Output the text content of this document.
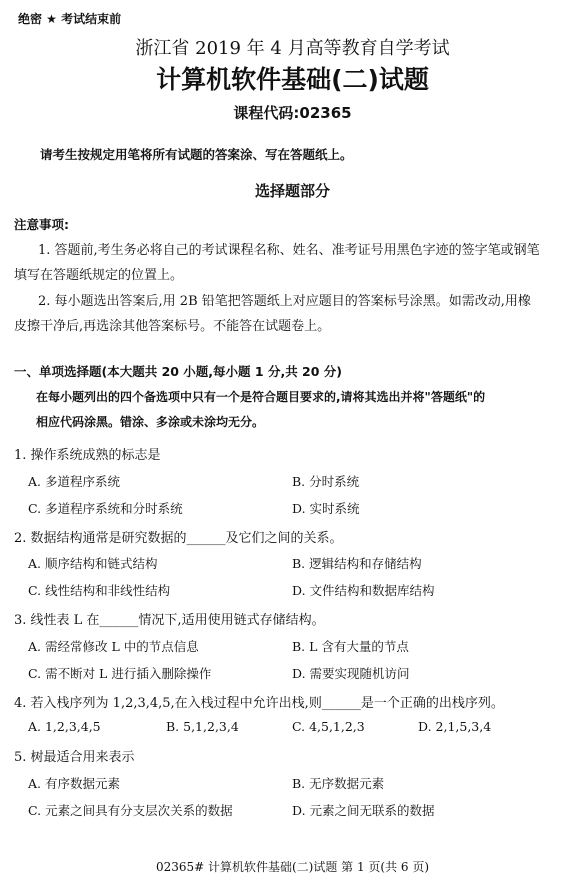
绝密 ★ 考试结束前
浙江省 2019 年 4 月高等教育自学考试
计算机软件基础(二)试题
课程代码:02365
请考生按规定用笔将所有试题的答案涂、写在答题纸上。
选择题部分
注意事项:
1. 答题前,考生务必将自己的考试课程名称、姓名、准考证号用黑色字迹的签字笔或钢笔
填写在答题纸规定的位置上。
2. 每小题选出答案后,用 2B 铅笔把答题纸上对应题目的答案标号涂黑。如需改动,用橡
皮擦干净后,再选涂其他答案标号。不能答在试题卷上。
一、单项选择题(本大题共 20 小题,每小题 1 分,共 20 分)
在每小题列出的四个备选项中只有一个是符合题目要求的,请将其选出并将"答题纸"的
相应代码涂黑。错涂、多涂或未涂均无分。
1. 操作系统成熟的标志是
A. 多道程序系统	B. 分时系统
C. 多道程序系统和分时系统	D. 实时系统
2. 数据结构通常是研究数据的______及它们之间的关系。
A. 顺序结构和链式结构	B. 逻辑结构和存储结构
C. 线性结构和非线性结构	D. 文件结构和数据库结构
3. 线性表 L 在______情况下,适用使用链式存储结构。
A. 需经常修改 L 中的节点信息	B. L 含有大量的节点
C. 需不断对 L 进行插入删除操作	D. 需要实现随机访问
4. 若入栈序列为 1,2,3,4,5,在入栈过程中允许出栈,则______是一个正确的出栈序列。
A. 1,2,3,4,5	B. 5,1,2,3,4	C. 4,5,1,2,3	D. 2,1,5,3,4
5. 树最适合用来表示
A. 有序数据元素	B. 无序数据元素
C. 元素之间具有分支层次关系的数据	D. 元素之间无联系的数据
02365# 计算机软件基础(二)试题 第 1 页(共 6 页)
